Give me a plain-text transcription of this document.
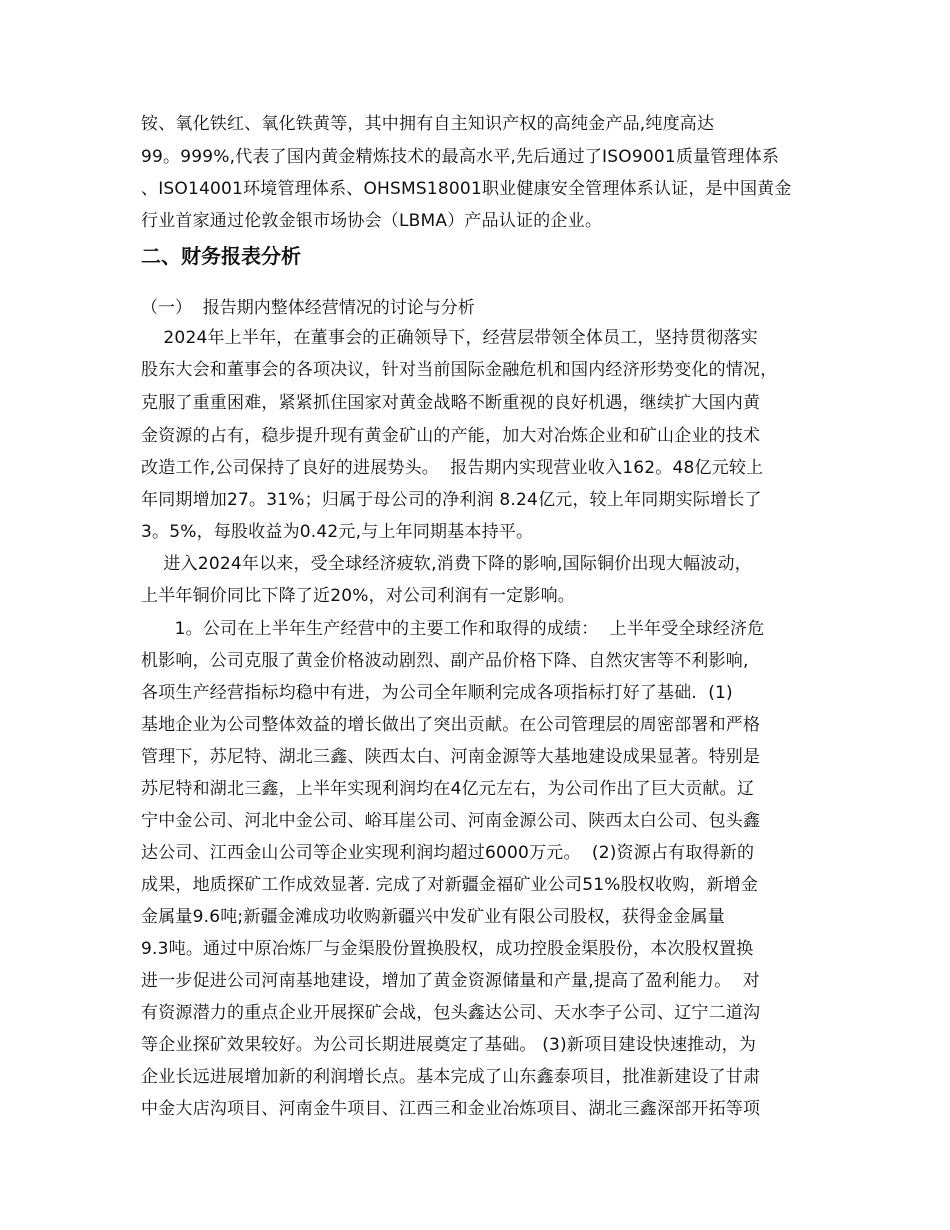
铵、氧化铁红、氧化铁黄等，其中拥有自主知识产权的高纯金产品,纯度高达
99。999%,代表了国内黄金精炼技术的最高水平,先后通过了ISO9001质量管理体系
、ISO14001环境管理体系、OHSMS18001职业健康安全管理体系认证，是中国黄金
行业首家通过伦敦金银市场协会（LBMA）产品认证的企业。
二、财务报表分析
（一）  报告期内整体经营情况的讨论与分析
2024年上半年，在董事会的正确领导下，经营层带领全体员工，坚持贯彻落实
股东大会和董事会的各项决议，针对当前国际金融危机和国内经济形势变化的情况，
克服了重重困难，紧紧抓住国家对黄金战略不断重视的良好机遇，继续扩大国内黄
金资源的占有，稳步提升现有黄金矿山的产能，加大对冶炼企业和矿山企业的技术
改造工作,公司保持了良好的进展势头。  报告期内实现营业收入162。48亿元较上
年同期增加27。31%；归属于母公司的净利润 8.24亿元，较上年同期实际增长了
3。5%，每股收益为0.42元,与上年同期基本持平。
进入2024年以来，受全球经济疲软,消费下降的影响,国际铜价出现大幅波动，
上半年铜价同比下降了近20%，对公司利润有一定影响。
1。公司在上半年生产经营中的主要工作和取得的成绩：  上半年受全球经济危
机影响，公司克服了黄金价格波动剧烈、副产品价格下降、自然灾害等不利影响,
各项生产经营指标均稳中有进，为公司全年顺利完成各项指标打好了基础.  (1)
基地企业为公司整体效益的增长做出了突出贡献。在公司管理层的周密部署和严格
管理下，苏尼特、湖北三鑫、陕西太白、河南金源等大基地建设成果显著。特别是
苏尼特和湖北三鑫，上半年实现利润均在4亿元左右，为公司作出了巨大贡献。辽
宁中金公司、河北中金公司、峪耳崖公司、河南金源公司、陕西太白公司、包头鑫
达公司、江西金山公司等企业实现利润均超过6000万元。  (2)资源占有取得新的
成果，地质探矿工作成效显著. 完成了对新疆金福矿业公司51%股权收购，新增金
金属量9.6吨;新疆金滩成功收购新疆兴中发矿业有限公司股权，获得金金属量
9.3吨。通过中原冶炼厂与金渠股份置换股权，成功控股金渠股份，本次股权置换
进一步促进公司河南基地建设，增加了黄金资源储量和产量,提高了盈利能力。  对
有资源潜力的重点企业开展探矿会战，包头鑫达公司、天水李子公司、辽宁二道沟
等企业探矿效果较好。为公司长期进展奠定了基础。 (3)新项目建设快速推动，为
企业长远进展增加新的利润增长点。基本完成了山东鑫泰项目，批准新建设了甘肃
中金大店沟项目、河南金牛项目、江西三和金业冶炼项目、湖北三鑫深部开拓等项
